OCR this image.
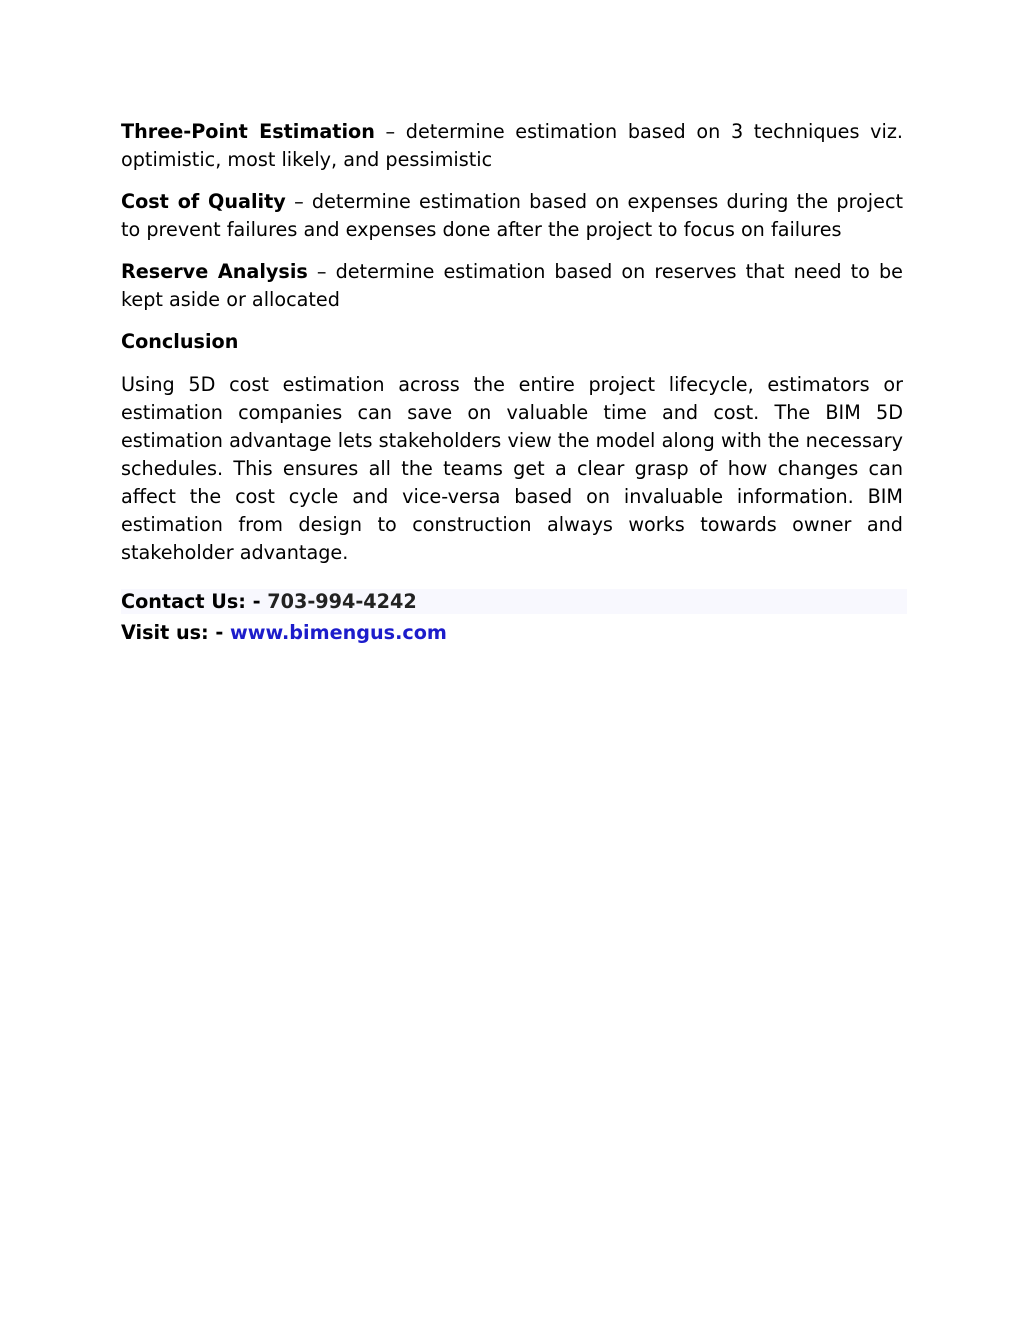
Three-Point Estimation – determine estimation based on 3 techniques viz. optimistic, most likely, and pessimistic

Cost of Quality – determine estimation based on expenses during the project to prevent failures and expenses done after the project to focus on failures

Reserve Analysis – determine estimation based on reserves that need to be kept aside or allocated

Conclusion

Using 5D cost estimation across the entire project lifecycle, estimators or estimation companies can save on valuable time and cost. The BIM 5D estimation advantage lets stakeholders view the model along with the necessary schedules. This ensures all the teams get a clear grasp of how changes can affect the cost cycle and vice-versa based on invaluable information. BIM estimation from design to construction always works towards owner and stakeholder advantage.

Contact Us: - 703-994-4242
Visit us: - www.bimengus.com
